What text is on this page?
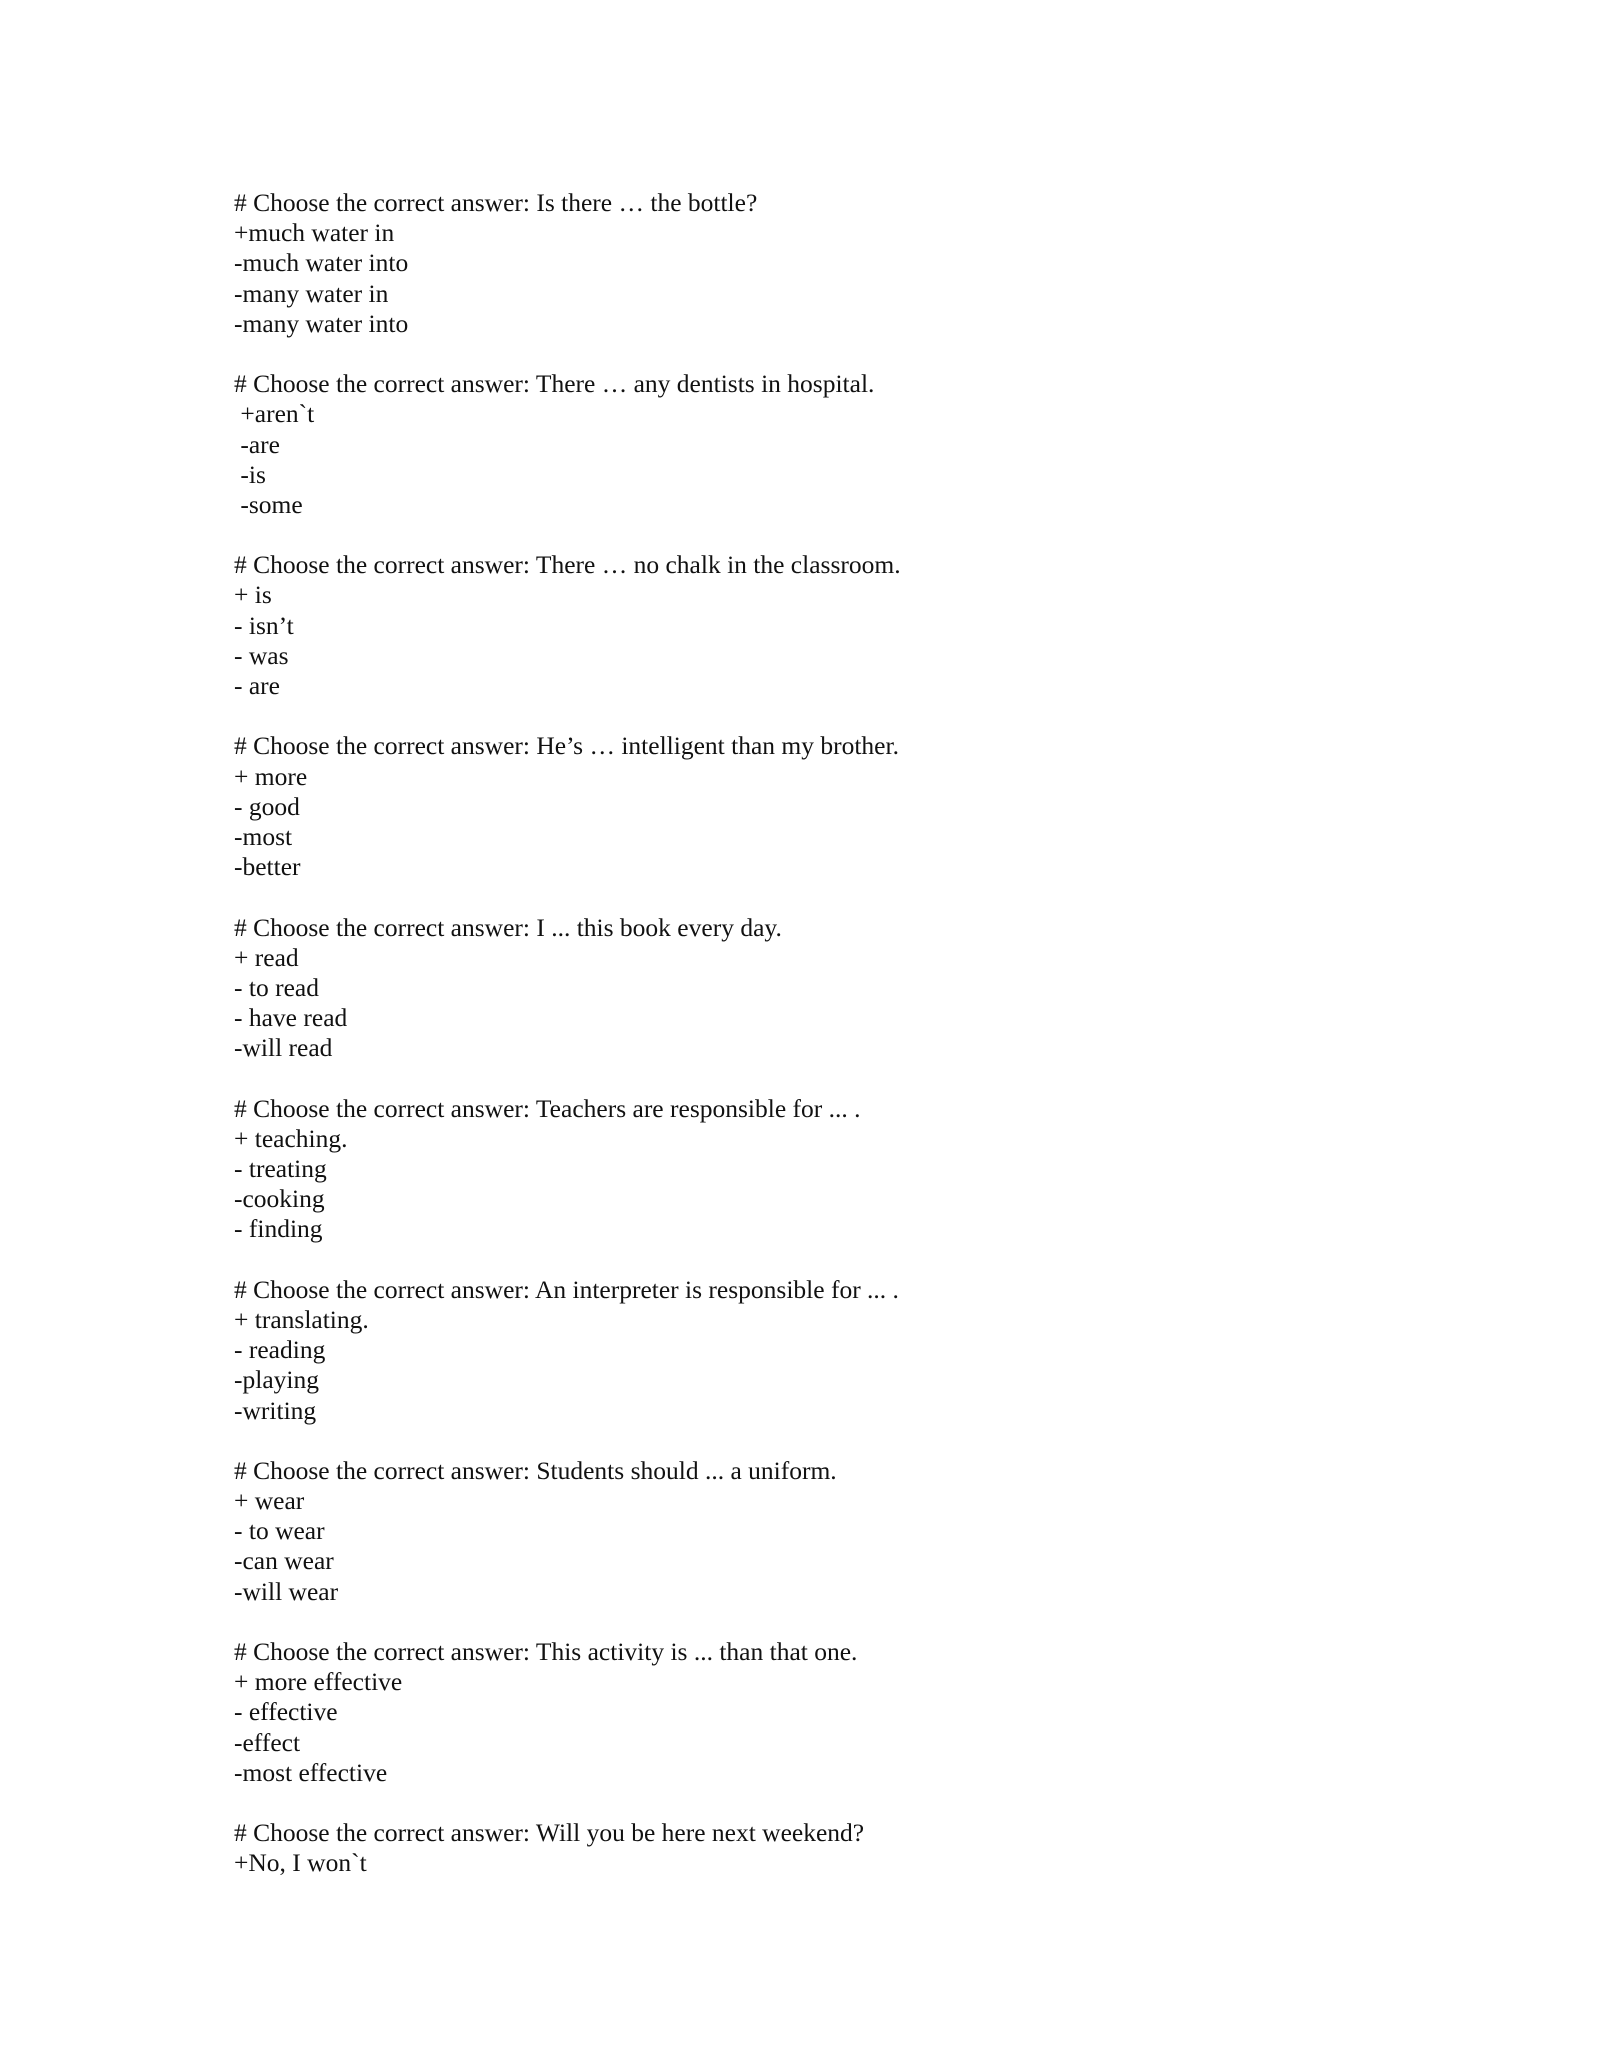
# Choose the correct answer: Is there … the bottle?
+much water in
-much water into
-many water in
-many water into
# Choose the correct answer: There … any dentists in hospital.
+aren`t
-are
-is
-some
# Choose the correct answer: There … no chalk in the classroom.
+ is
- isn’t
- was
- are
# Choose the correct answer: He’s … intelligent than my brother.
+ more
- good
-most
-better
# Choose the correct answer: I ... this book every day.
+ read
- to read
- have read
-will read
# Choose the correct answer: Teachers are responsible for ... .
+ teaching.
- treating
-cooking
- finding
# Choose the correct answer: An interpreter is responsible for ... .
+ translating.
- reading
-playing
-writing
# Choose the correct answer: Students should ... a uniform.
+ wear
- to wear
-can wear
-will wear
# Choose the correct answer: This activity is ... than that one.
+ more effective
- effective
-effect
-most effective
# Choose the correct answer: Will you be here next weekend?
+No, I won`t
